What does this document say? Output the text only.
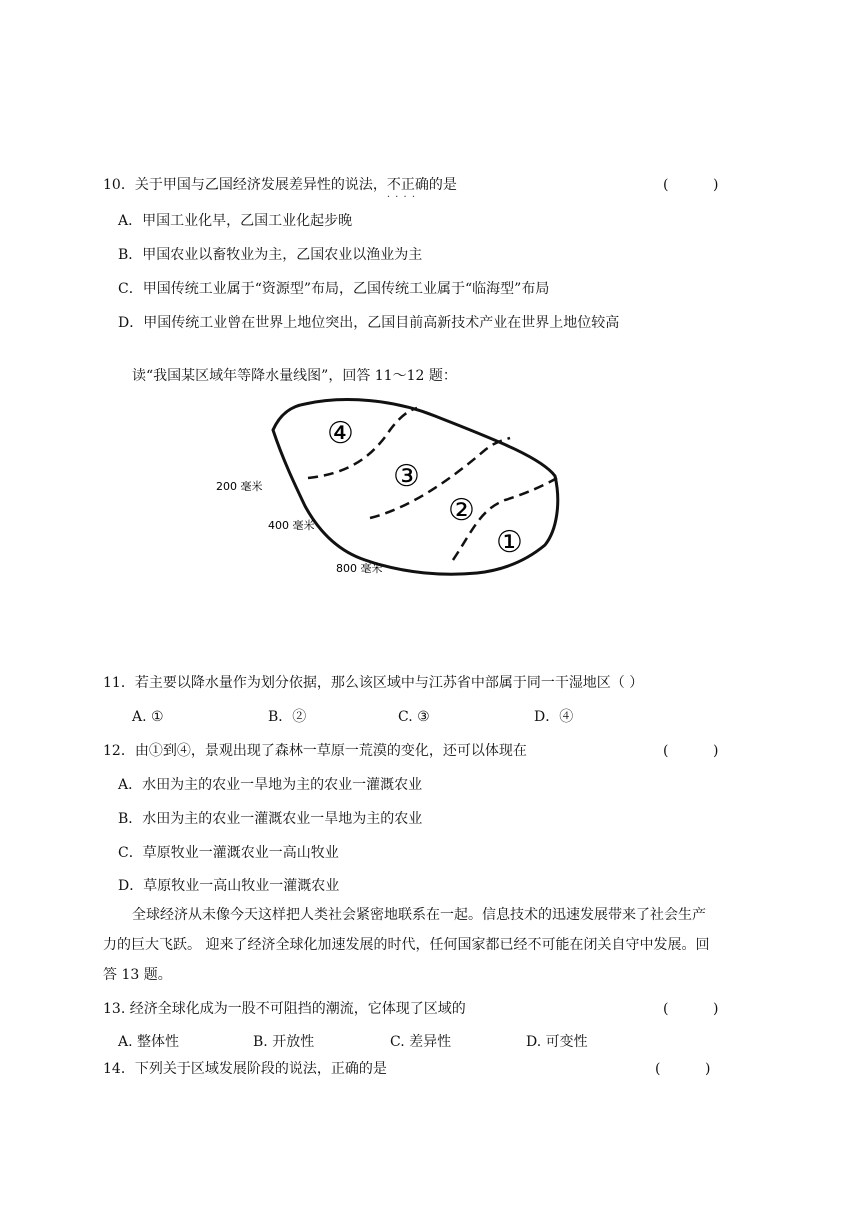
10．关于甲国与乙国经济发展差异性的说法，不正确 · · · ·的是	(          )
A．甲国工业化早，乙国工业化起步晚
B．甲国农业以畜牧业为主，乙国农业以渔业为主
C．甲国传统工业属于“资源型”布局，乙国传统工业属于“临海型”布局
D．甲国传统工业曾在世界上地位突出，乙国目前高新技术产业在世界上地位较高
读“我国某区域年等降水量线图”，回答 11～12 题：
④
③
②
①
200 毫米
400 毫米
800 毫米
11．若主要以降水量作为划分依据，那么该区域中与江苏省中部属于同一干湿地区（ ）
A. ①	B．②	C. ③	D．④
12．由①到④，景观出现了森林一草原一荒漠的变化，还可以体现在	(          )
A．水田为主的农业一旱地为主的农业一灌溉农业
B．水田为主的农业一灌溉农业一旱地为主的农业
C．草原牧业一灌溉农业一高山牧业
D．草原牧业一高山牧业一灌溉农业
全球经济从未像今天这样把人类社会紧密地联系在一起。信息技术的迅速发展带来了社会生产
力的巨大飞跃。 迎来了经济全球化加速发展的时代，任何国家都已经不可能在闭关自守中发展。回
答 13 题。
13. 经济全球化成为一股不可阻挡的潮流，它体现了区域的	(          )
A. 整体性	B. 开放性	C. 差异性	D. 可变性
14．下列关于区域发展阶段的说法，正确的是	(          )
